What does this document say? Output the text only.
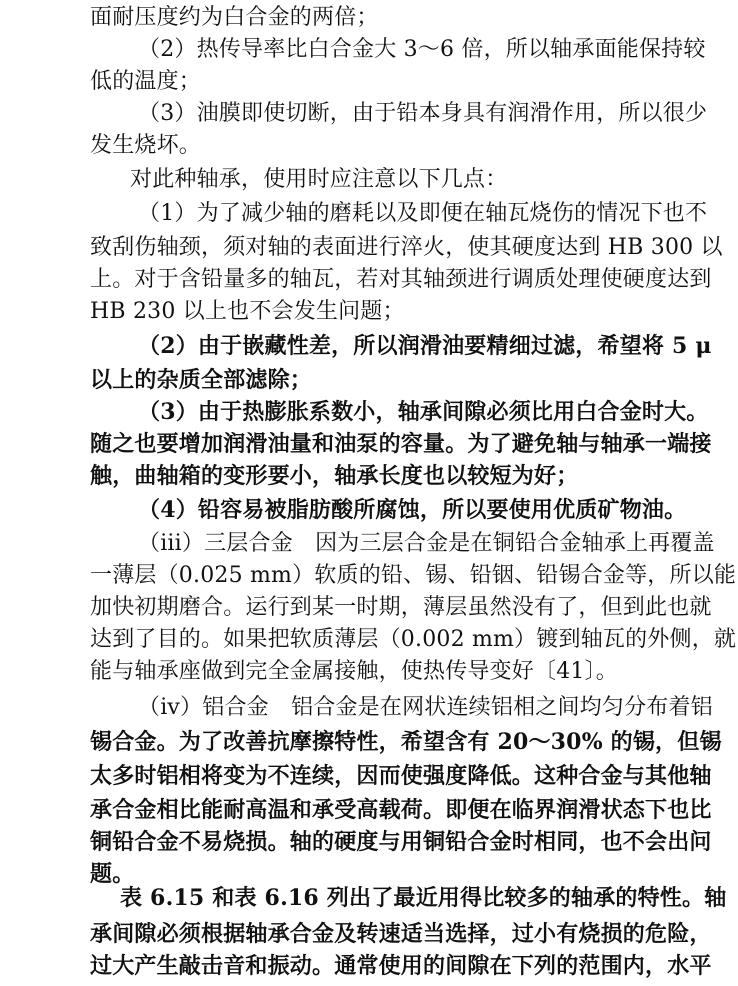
面耐压度约为白合金的两倍；
（2）热传导率比白合金大 3～6 倍，所以轴承面能保持较
低的温度；
（3）油膜即使切断，由于铅本身具有润滑作用，所以很少
发生烧坏。
对此种轴承，使用时应注意以下几点：
（1）为了减少轴的磨耗以及即便在轴瓦烧伤的情况下也不
致刮伤轴颈，须对轴的表面进行淬火，使其硬度达到 HB 300 以
上。对于含铅量多的轴瓦，若对其轴颈进行调质处理使硬度达到
HB 230 以上也不会发生问题；
（2）由于嵌藏性差，所以润滑油要精细过滤，希望将 5 μ
以上的杂质全部滤除；
（3）由于热膨胀系数小，轴承间隙必须比用白合金时大。
随之也要增加润滑油量和油泵的容量。为了避免轴与轴承一端接
触，曲轴箱的变形要小，轴承长度也以较短为好；
（4）铅容易被脂肪酸所腐蚀，所以要使用优质矿物油。
（iii）三层合金　因为三层合金是在铜铅合金轴承上再覆盖
一薄层（0.025 mm）软质的铅、锡、铅铟、铅锡合金等，所以能
加快初期磨合。运行到某一时期，薄层虽然没有了，但到此也就
达到了目的。如果把软质薄层（0.002 mm）镀到轴瓦的外侧，就
能与轴承座做到完全金属接触，使热传导变好〔41〕。
（iv）铝合金　铝合金是在网状连续铝相之间均匀分布着铝
锡合金。为了改善抗摩擦特性，希望含有 20～30% 的锡，但锡
太多时铝相将变为不连续，因而使强度降低。这种合金与其他轴
承合金相比能耐高温和承受高载荷。即便在临界润滑状态下也比
铜铅合金不易烧损。轴的硬度与用铜铅合金时相同，也不会出问
题。
表 6.15 和表 6.16 列出了最近用得比较多的轴承的特性。轴
承间隙必须根据轴承合金及转速适当选择，过小有烧损的危险，
过大产生敲击音和振动。通常使用的间隙在下列的范围内，水平
